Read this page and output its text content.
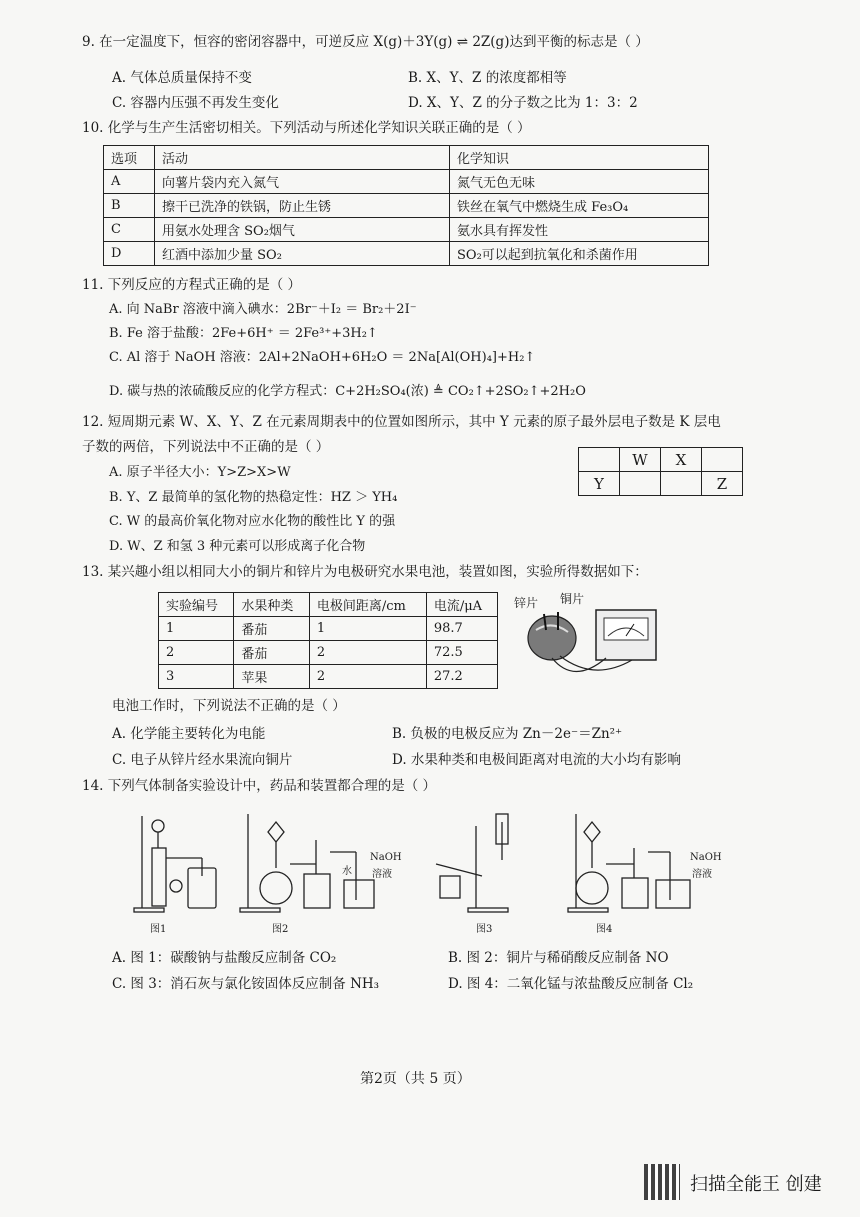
9. 在一定温度下，恒容的密闭容器中，可逆反应 X(g)＋3Y(g) ⇌ 2Z(g)达到平衡的标志是（ ）
A. 气体总质量保持不变	B. X、Y、Z 的浓度都相等
C. 容器内压强不再发生变化	D. X、Y、Z 的分子数之比为 1：3：2
10. 化学与生产生活密切相关。下列活动与所述化学知识关联正确的是（ ）
选项	活动	化学知识
A	向薯片袋内充入氮气	氮气无色无味
B	擦干已洗净的铁锅，防止生锈	铁丝在氧气中燃烧生成 Fe₃O₄
C	用氨水处理含 SO₂烟气	氨水具有挥发性
D	红酒中添加少量 SO₂	SO₂可以起到抗氧化和杀菌作用
11. 下列反应的方程式正确的是（ ）
A. 向 NaBr 溶液中滴入碘水：2Br⁻＋I₂ ＝ Br₂＋2I⁻
B. Fe 溶于盐酸：2Fe+6H⁺ ＝ 2Fe³⁺+3H₂↑
C. Al 溶于 NaOH 溶液：2Al+2NaOH+6H₂O ＝ 2Na[Al(OH)₄]+H₂↑
D. 碳与热的浓硫酸反应的化学方程式：C+2H₂SO₄(浓) ≜ CO₂↑+2SO₂↑+2H₂O
12. 短周期元素 W、X、Y、Z 在元素周期表中的位置如图所示，其中 Y 元素的原子最外层电子数是 K 层电
子数的两倍，下列说法中不正确的是（ ）
A. 原子半径大小：Y>Z>X>W
B. Y、Z 最简单的氢化物的热稳定性：HZ ＞ YH₄
C. W 的最高价氧化物对应水化物的酸性比 Y 的强
D. W、Z 和氢 3 种元素可以形成离子化合物
	W	X	
Y			Z
13. 某兴趣小组以相同大小的铜片和锌片为电极研究水果电池，装置如图，实验所得数据如下：
实验编号	水果种类	电极间距离/cm	电流/μA
1	番茄	1	98.7
2	番茄	2	72.5
3	苹果	2	27.2
锌片 铜片
电池工作时，下列说法不正确的是（ ）
A. 化学能主要转化为电能	B. 负极的电极反应为 Zn－2e⁻＝Zn²⁺
C. 电子从锌片经水果流向铜片	D. 水果种类和电极间距离对电流的大小均有影响
14. 下列气体制备实验设计中，药品和装置都合理的是（ ）
图1	图2	图3	图4
水
NaOH
溶液
NaOH
溶液
A. 图 1：碳酸钠与盐酸反应制备 CO₂	B. 图 2：铜片与稀硝酸反应制备 NO
C. 图 3：消石灰与氯化铵固体反应制备 NH₃	D. 图 4：二氧化锰与浓盐酸反应制备 Cl₂
第2页（共 5 页）
扫描全能王 创建
